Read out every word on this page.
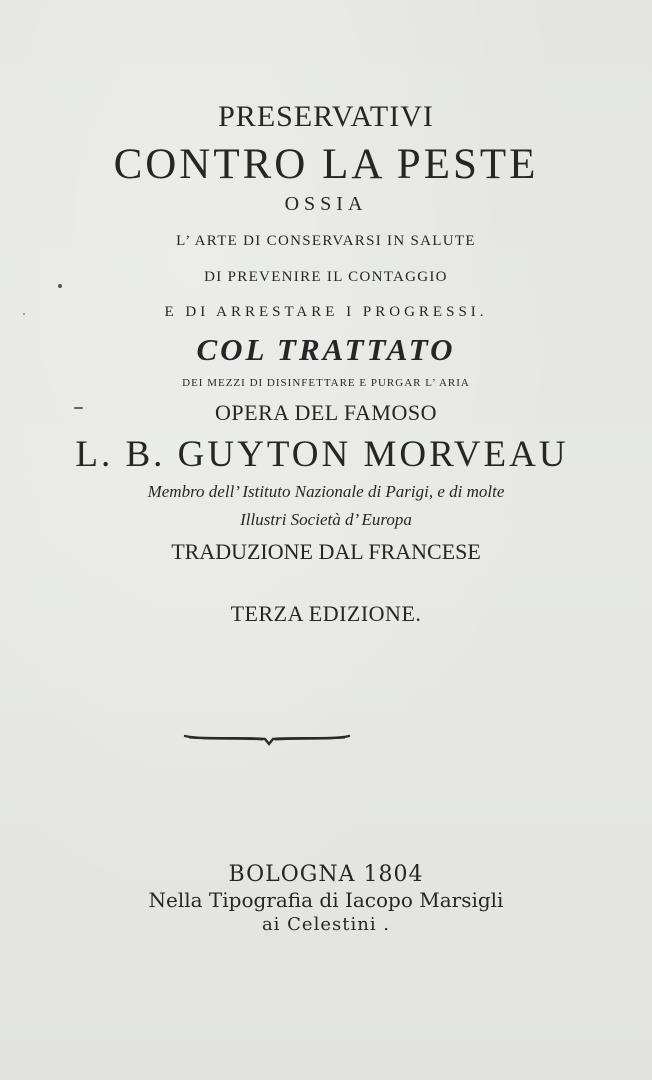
PRESERVATIVI
CONTRO LA PESTE
OSSIA
L’ ARTE DI CONSERVARSI IN SALUTE
DI PREVENIRE IL CONTAGGIO
E DI ARRESTARE I PROGRESSI.
COL TRATTATO
DEI MEZZI DI DISINFETTARE E PURGAR L’ ARIA
OPERA DEL FAMOSO
L. B. GUYTON MORVEAU
Membro dell’ Istituto Nazionale di Parigi, e di molte
Illustri Società d’ Europa
TRADUZIONE DAL FRANCESE
TERZA EDIZIONE.
BOLOGNA 1804
Nella Tipografia di Iacopo Marsigli
ai Celestini .
